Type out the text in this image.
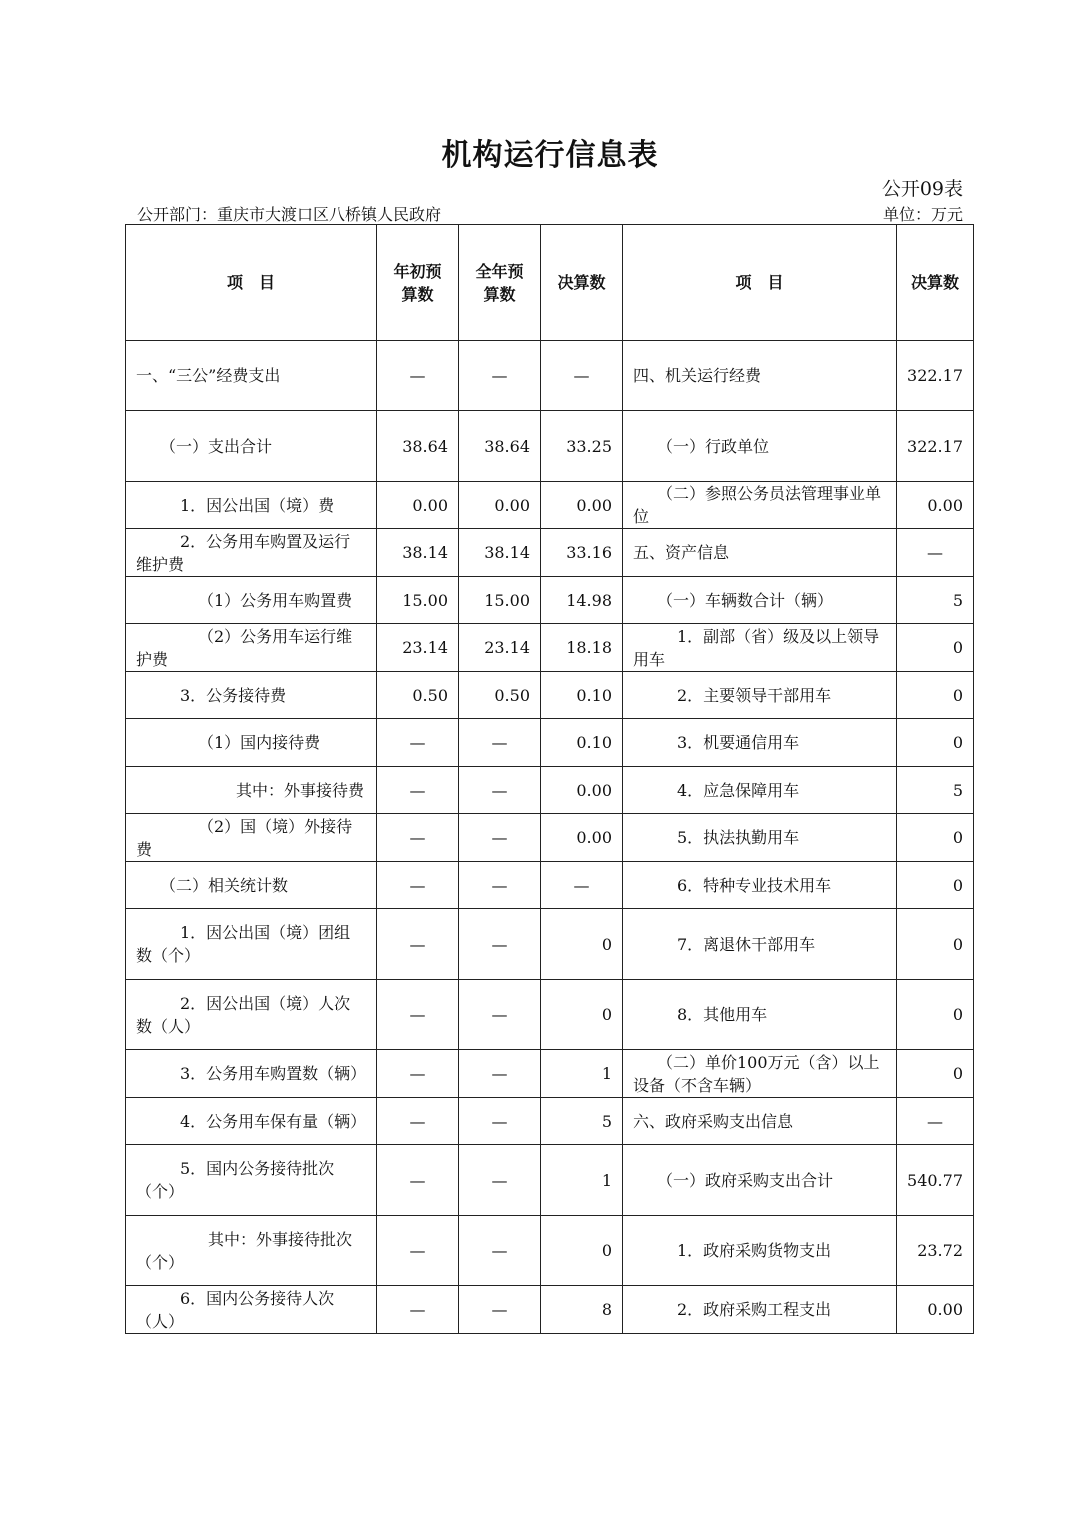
机构运行信息表
公开09表
公开部门：重庆市大渡口区八桥镇人民政府	单位：万元
项　目	年初预算数	全年预算数	决算数	项　目	决算数
一、“三公”经费支出	—	—	—	四、机关运行经费	322.17
（一）支出合计	38.64	38.64	33.25	（一）行政单位	322.17
1．因公出国（境）费	0.00	0.00	0.00	（二）参照公务员法管理事业单位	0.00
2．公务用车购置及运行维护费	38.14	38.14	33.16	五、资产信息	—
（1）公务用车购置费	15.00	15.00	14.98	（一）车辆数合计（辆）	5
（2）公务用车运行维护费	23.14	23.14	18.18	1．副部（省）级及以上领导用车	0
3．公务接待费	0.50	0.50	0.10	2．主要领导干部用车	0
（1）国内接待费	—	—	0.10	3．机要通信用车	0
其中：外事接待费	—	—	0.00	4．应急保障用车	5
（2）国（境）外接待费	—	—	0.00	5．执法执勤用车	0
（二）相关统计数	—	—	—	6．特种专业技术用车	0
1．因公出国（境）团组数（个）	—	—	0	7．离退休干部用车	0
2．因公出国（境）人次数（人）	—	—	0	8．其他用车	0
3．公务用车购置数（辆）	—	—	1	（二）单价100万元（含）以上设备（不含车辆）	0
4．公务用车保有量（辆）	—	—	5	六、政府采购支出信息	—
5．国内公务接待批次（个）	—	—	1	（一）政府采购支出合计	540.77
其中：外事接待批次（个）	—	—	0	1．政府采购货物支出	23.72
6．国内公务接待人次（人）	—	—	8	2．政府采购工程支出	0.00
